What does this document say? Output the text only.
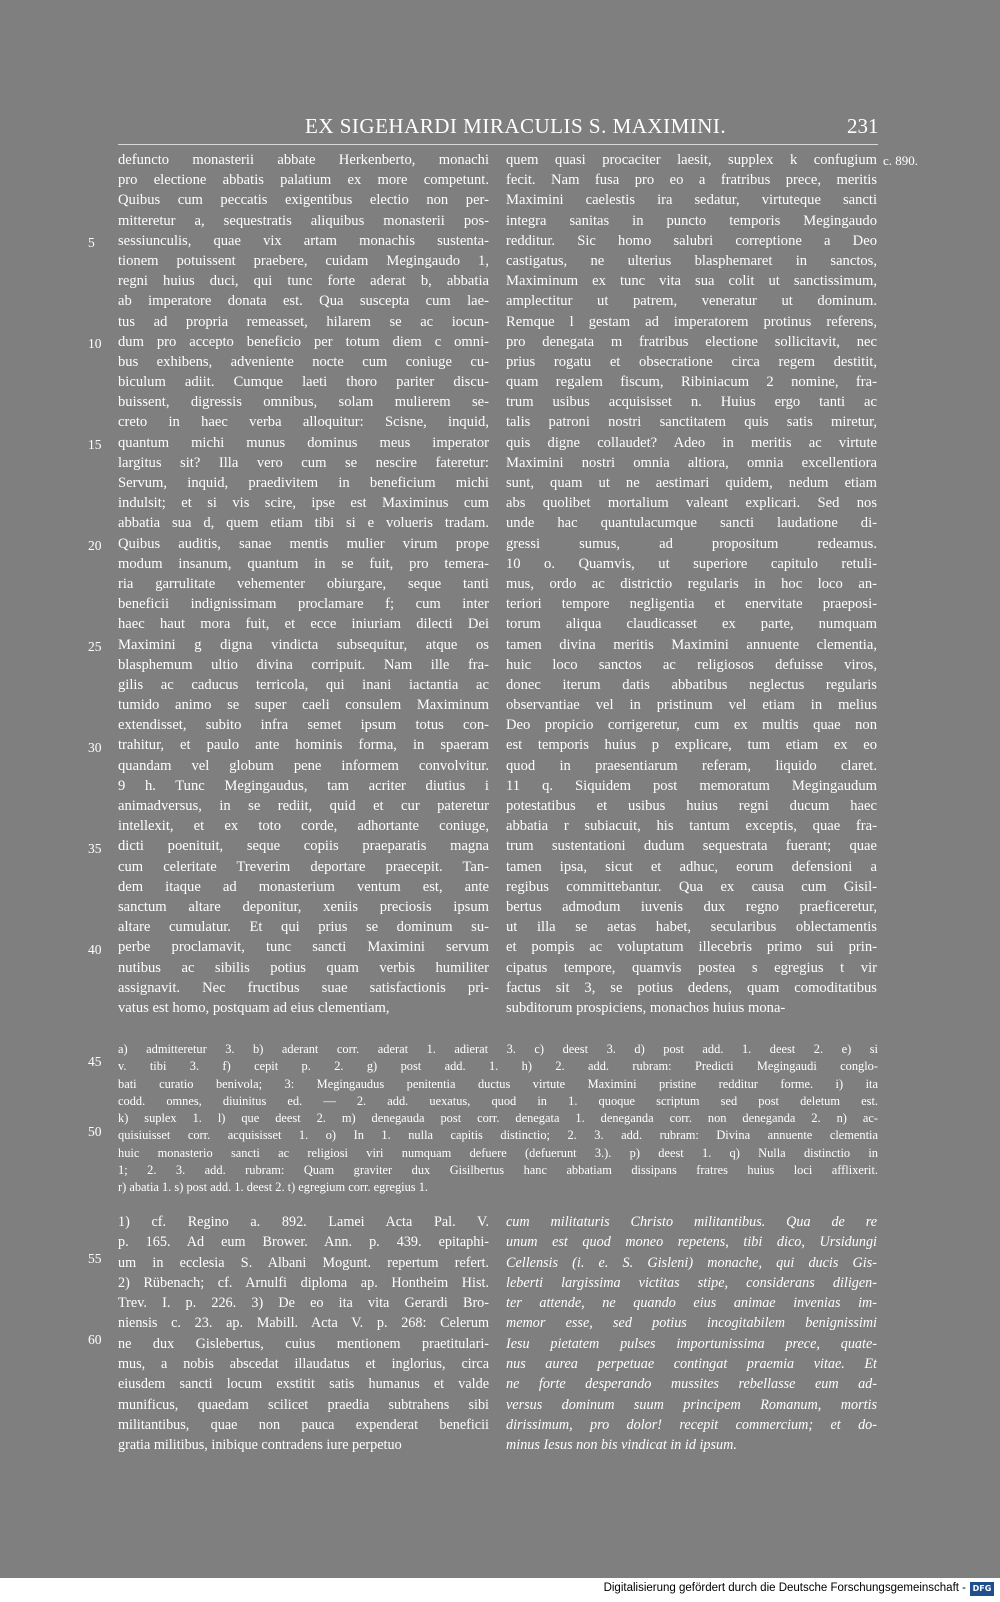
EX SIGEHARDI MIRACULIS S. MAXIMINI.	231
c. 890.
5
10
15
20
25
30
35
40
45
50
55
60
defuncto monasterii abbate Herkenberto, monachi
pro electione abbatis palatium ex more competunt.
Quibus cum peccatis exigentibus electio non per-
mitteretur a, sequestratis aliquibus monasterii pos-
sessiunculis, quae vix artam monachis sustenta-
tionem potuissent praebere, cuidam Megingaudo 1,
regni huius duci, qui tunc forte aderat b, abbatia
ab imperatore donata est. Qua suscepta cum lae-
tus ad propria remeasset, hilarem se ac iocun-
dum pro accepto beneficio per totum diem c omni-
bus exhibens, adveniente nocte cum coniuge cu-
biculum adiit. Cumque laeti thoro pariter discu-
buissent, digressis omnibus, solam mulierem se-
creto in haec verba alloquitur: Scisne, inquid,
quantum michi munus dominus meus imperator
largitus sit? Illa vero cum se nescire fateretur:
Servum, inquid, praedivitem in beneficium michi
indulsit; et si vis scire, ipse est Maximinus cum
abbatia sua d, quem etiam tibi si e volueris tradam.
Quibus auditis, sanae mentis mulier virum prope
modum insanum, quantum in se fuit, pro temera-
ria garrulitate vehementer obiurgare, seque tanti
beneficii indignissimam proclamare f; cum inter
haec haut mora fuit, et ecce iniuriam dilecti Dei
Maximini g digna vindicta subsequitur, atque os
blasphemum ultio divina corripuit. Nam ille fra-
gilis ac caducus terricola, qui inani iactantia ac
tumido animo se super caeli consulem Maximinum
extendisset, subito infra semet ipsum totus con-
trahitur, et paulo ante hominis forma, in spaeram
quandam vel globum pene informem convolvitur.
9 h. Tunc Megingaudus, tam acriter diutius i
animadversus, in se rediit, quid et cur pateretur
intellexit, et ex toto corde, adhortante coniuge,
dicti poenituit, seque copiis praeparatis magna
cum celeritate Treverim deportare praecepit. Tan-
dem itaque ad monasterium ventum est, ante
sanctum altare deponitur, xeniis preciosis ipsum
altare cumulatur. Et qui prius se dominum su-
perbe proclamavit, tunc sancti Maximini servum
nutibus ac sibilis potius quam verbis humiliter
assignavit. Nec fructibus suae satisfactionis pri-
vatus est homo, postquam ad eius clementiam,
quem quasi procaciter laesit, supplex k confugium
fecit. Nam fusa pro eo a fratribus prece, meritis
Maximini caelestis ira sedatur, virtuteque sancti
integra sanitas in puncto temporis Megingaudo
redditur. Sic homo salubri correptione a Deo
castigatus, ne ulterius blasphemaret in sanctos,
Maximinum ex tunc vita sua colit ut sanctissimum,
amplectitur ut patrem, veneratur ut dominum.
Remque l gestam ad imperatorem protinus referens,
pro denegata m fratribus electione sollicitavit, nec
prius rogatu et obsecratione circa regem destitit,
quam regalem fiscum, Ribiniacum 2 nomine, fra-
trum usibus acquisisset n. Huius ergo tanti ac
talis patroni nostri sanctitatem quis satis miretur,
quis digne collaudet? Adeo in meritis ac virtute
Maximini nostri omnia altiora, omnia excellentiora
sunt, quam ut ne aestimari quidem, nedum etiam
abs quolibet mortalium valeant explicari. Sed nos
unde hac quantulacumque sancti laudatione di-
gressi sumus, ad propositum redeamus.
10 o. Quamvis, ut superiore capitulo retuli-
mus, ordo ac districtio regularis in hoc loco an-
teriori tempore negligentia et enervitate praeposi-
torum aliqua claudicasset ex parte, numquam
tamen divina meritis Maximini annuente clementia,
huic loco sanctos ac religiosos defuisse viros,
donec iterum datis abbatibus neglectus regularis
observantiae vel in pristinum vel etiam in melius
Deo propicio corrigeretur, cum ex multis quae non
est temporis huius p explicare, tum etiam ex eo
quod in praesentiarum referam, liquido claret.
11 q. Siquidem post memoratum Megingaudum
potestatibus et usibus huius regni ducum haec
abbatia r subiacuit, his tantum exceptis, quae fra-
trum sustentationi dudum sequestrata fuerant; quae
tamen ipsa, sicut et adhuc, eorum defensioni a
regibus committebantur. Qua ex causa cum Gisil-
bertus admodum iuvenis dux regno praeficeretur,
ut illa se aetas habet, secularibus oblectamentis
et pompis ac voluptatum illecebris primo sui prin-
cipatus tempore, quamvis postea s egregius t vir
factus sit 3, se potius dedens, quam comoditatibus
subditorum prospiciens, monachos huius mona-
a) admitteretur 3. b) aderant corr. aderat 1. adierat 3. c) deest 3. d) post add. 1. deest 2. e) si
v. tibi 3. f) cepit p. 2. g) post add. 1. h) 2. add. rubram: Predicti Megingaudi conglo-
bati curatio benivola; 3: Megingaudus penitentia ductus virtute Maximini pristine redditur forme. i) ita
codd. omnes, diuinitus ed. — 2. add. uexatus, quod in 1. quoque scriptum sed post deletum est.
k) suplex 1. l) que deest 2. m) denegauda post corr. denegata 1. deneganda corr. non deneganda 2. n) ac-
quisiuisset corr. acquisisset 1. o) In 1. nulla capitis distinctio; 2. 3. add. rubram: Divina annuente clementia
huic monasterio sancti ac religiosi viri numquam defuere (defuerunt 3.). p) deest 1. q) Nulla distinctio in
1; 2. 3. add. rubram: Quam graviter dux Gisilbertus hanc abbatiam dissipans fratres huius loci afflixerit.
r) abatia 1. s) post add. 1. deest 2. t) egregium corr. egregius 1.
1) cf. Regino a. 892. Lamei Acta Pal. V.
p. 165. Ad eum Brower. Ann. p. 439. epitaphi-
um in ecclesia S. Albani Mogunt. repertum refert.
2) Rübenach; cf. Arnulfi diploma ap. Hontheim Hist.
Trev. I. p. 226. 3) De eo ita vita Gerardi Bro-
niensis c. 23. ap. Mabill. Acta V. p. 268: Celerum
ne dux Gislebertus, cuius mentionem praetitulari-
mus, a nobis abscedat illaudatus et inglorius, circa
eiusdem sancti locum exstitit satis humanus et valde
munificus, quaedam scilicet praedia subtrahens sibi
militantibus, quae non pauca expenderat beneficii
gratia militibus, inibique contradens iure perpetuo
cum militaturis Christo militantibus. Qua de re
unum est quod moneo repetens, tibi dico, Ursidungi
Cellensis (i. e. S. Gisleni) monache, qui ducis Gis-
leberti largissima victitas stipe, considerans diligen-
ter attende, ne quando eius animae invenias im-
memor esse, sed potius incogitabilem benignissimi
Iesu pietatem pulses importunissima prece, quate-
nus aurea perpetuae contingat praemia vitae. Et
ne forte desperando mussites rebellasse eum ad-
versus dominum suum principem Romanum, mortis
dirissimum, pro dolor! recepit commercium; et do-
minus Iesus non bis vindicat in id ipsum.
Digitalisierung gefördert durch die Deutsche Forschungsgemeinschaft - DFG
